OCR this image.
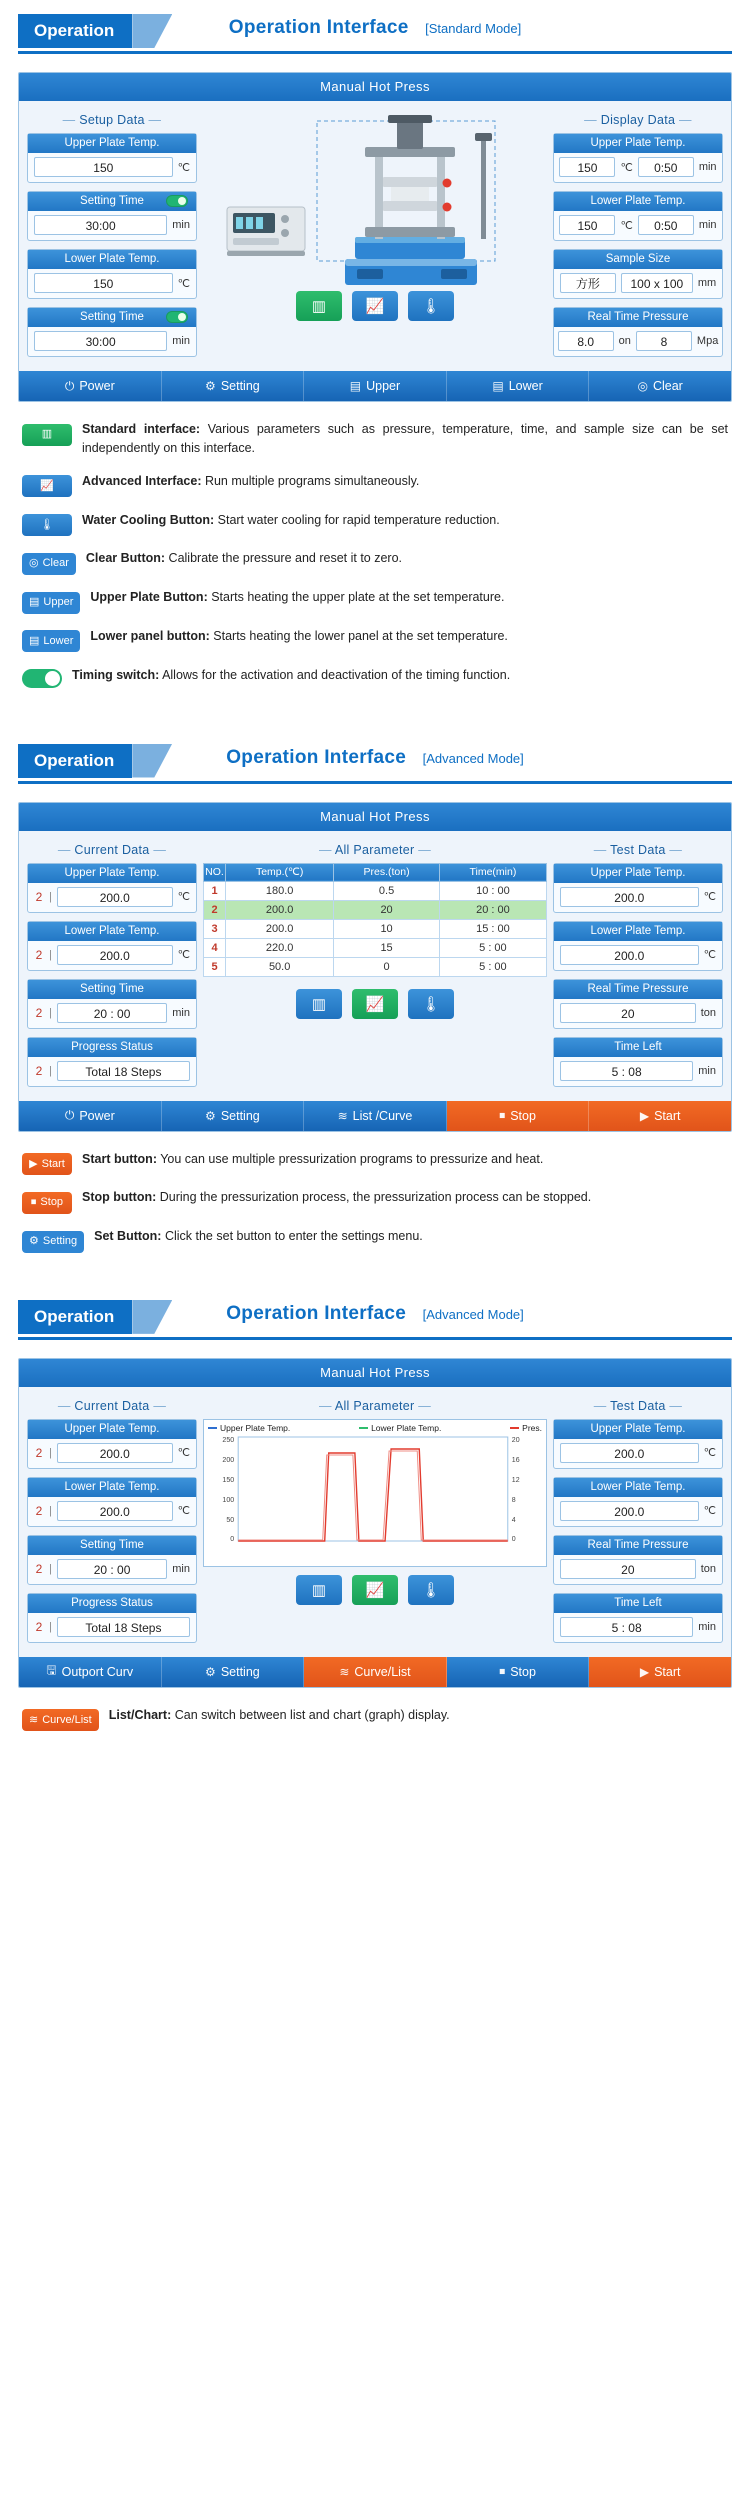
Operation	Operation Interface [Standard Mode]
Manual Hot Press
— Setup Data —
Upper Plate Temp.
150	℃
Setting Time
30:00	min
Lower Plate Temp.
150	℃
Setting Time
30:00	min
▥	📈	🌡
— Display Data —
Upper Plate Temp.
150	℃	0:50	min
Lower Plate Temp.
150	℃	0:50	min
Sample Size
方形	100 x 100	mm
Real Time Pressure
8.0	on	8	Mpa
⏻ Power	⚙ Setting	▤ Upper	▤ Lower	◎ Clear
▥	Standard interface: Various parameters such as pressure, temperature, time, and sample size can be set independently on this interface.
📈	Advanced Interface: Run multiple programs simultaneously.
🌡	Water Cooling Button: Start water cooling for rapid temperature reduction.
◎ Clear Clear Button: Calibrate the pressure and reset it to zero.
▤ Upper Upper Plate Button: Starts heating the upper plate at the set temperature.
▤ Lower Lower panel button: Starts heating the lower panel at the set temperature.
Timing switch: Allows for the activation and deactivation of the timing function.
Operation	Operation Interface [Advanced Mode]
Manual Hot Press
— Current Data —
Upper Plate Temp.
2 |	200.0	℃
Lower Plate Temp.
2 |	200.0	℃
Setting Time
2 |	20 : 00	min
Progress Status
2 |	Total 18 Steps
— All Parameter —
NO.	Temp.(℃)	Pres.(ton)	Time(min)
1	180.0	0.5	10 : 00
2	200.0	20	20 : 00
3	200.0	10	15 : 00
4	220.0	15	5 : 00
5	50.0	0	5 : 00
▥	📈	🌡
— Test Data —
Upper Plate Temp.
200.0	℃
Lower Plate Temp.
200.0	℃
Real Time Pressure
20	ton
Time Left
5 : 08	min
⏻ Power	⚙ Setting	≋ List /Curve	⏹ Stop	▶ Start
▶ Start Start button: You can use multiple pressurization programs to pressurize and heat.
⏹ Stop Stop button: During the pressurization process, the pressurization process can be stopped.
⚙ Setting Set Button: Click the set button to enter the settings menu.
Operation	Operation Interface [Advanced Mode]
Manual Hot Press
— Current Data —
Upper Plate Temp.
2 |	200.0	℃
Lower Plate Temp.
2 |	200.0	℃
Setting Time
2 |	20 : 00	min
Progress Status
2 |	Total 18 Steps
— All Parameter —
Upper Plate Temp.	Lower Plate Temp.	Pres.
250
200
150
100
50
0
20
16
12
8
4
0
▥	📈	🌡
— Test Data —
Upper Plate Temp.
200.0	℃
Lower Plate Temp.
200.0	℃
Real Time Pressure
20	ton
Time Left
5 : 08	min
🖫 Outport Curv	⚙ Setting	≋ Curve/List	⏹ Stop	▶ Start
≋ Curve/List List/Chart: Can switch between list and chart (graph) display.
